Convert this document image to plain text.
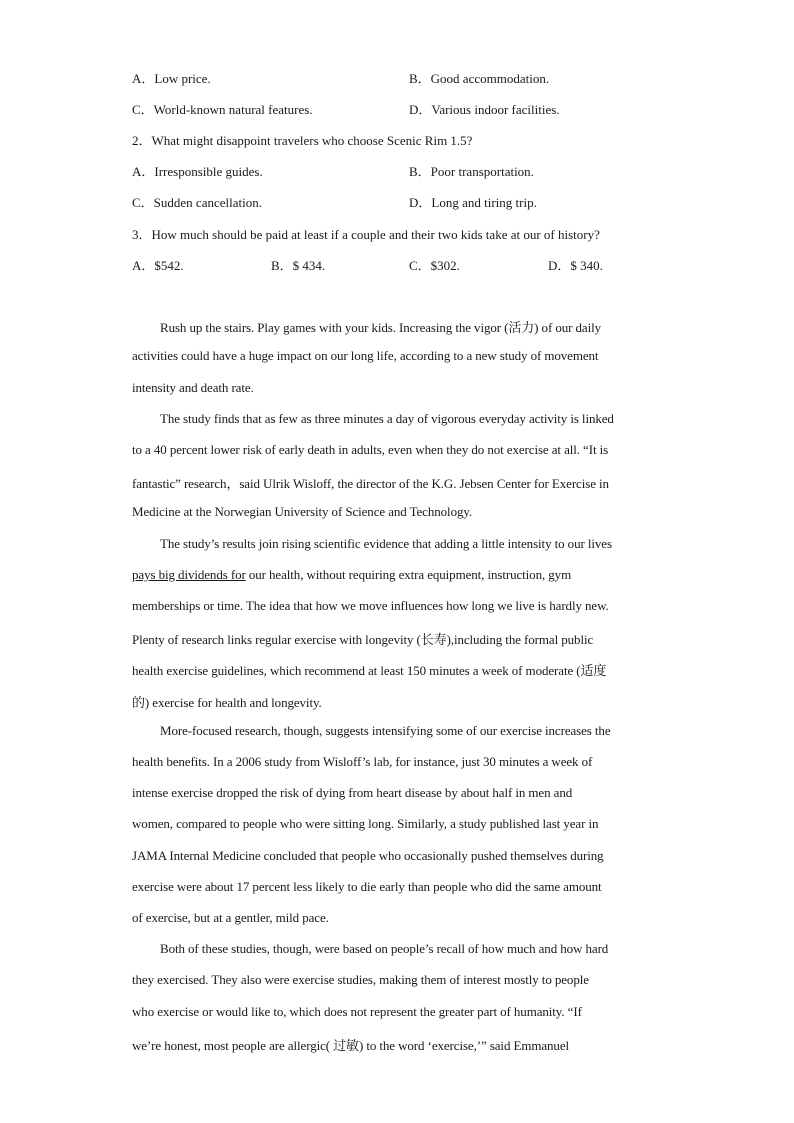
A．Low price.	B．Good accommodation.
C．World-known natural features.	D．Various indoor facilities.
2．What might disappoint travelers who choose Scenic Rim 1.5?
A．Irresponsible guides.	B．Poor transportation.
C．Sudden cancellation.	D．Long and tiring trip.
3．How much should be paid at least if a couple and their two kids take at our of history?
A．$542.	B．$ 434.	C．$302.	D．$ 340.
Rush up the stairs. Play games with your kids. Increasing the vigor (活力) of our daily
activities could have a huge impact on our long life, according to a new study of movement
intensity and death rate.
The study finds that as few as three minutes a day of vigorous everyday activity is linked
to a 40 percent lower risk of early death in adults, even when they do not exercise at all. “It is
fantastic” research，said Ulrik Wisloff, the director of the K.G. Jebsen Center for Exercise in
Medicine at the Norwegian University of Science and Technology.
The study’s results join rising scientific evidence that adding a little intensity to our lives
pays big dividends for our health, without requiring extra equipment, instruction, gym
memberships or time. The idea that how we move influences how long we live is hardly new.
Plenty of research links regular exercise with longevity (长寿),including the formal public
health exercise guidelines, which recommend at least 150 minutes a week of moderate (适度
的) exercise for health and longevity.
More-focused research, though, suggests intensifying some of our exercise increases the
health benefits. In a 2006 study from Wisloff’s lab, for instance, just 30 minutes a week of
intense exercise dropped the risk of dying from heart disease by about half in men and
women, compared to people who were sitting long. Similarly, a study published last year in
JAMA Internal Medicine concluded that people who occasionally pushed themselves during
exercise were about 17 percent less likely to die early than people who did the same amount
of exercise, but at a gentler, mild pace.
Both of these studies, though, were based on people’s recall of how much and how hard
they exercised. They also were exercise studies, making them of interest mostly to people
who exercise or would like to, which does not represent the greater part of humanity. “If
we’re honest, most people are allergic( 过敏) to the word ‘exercise,’” said Emmanuel
